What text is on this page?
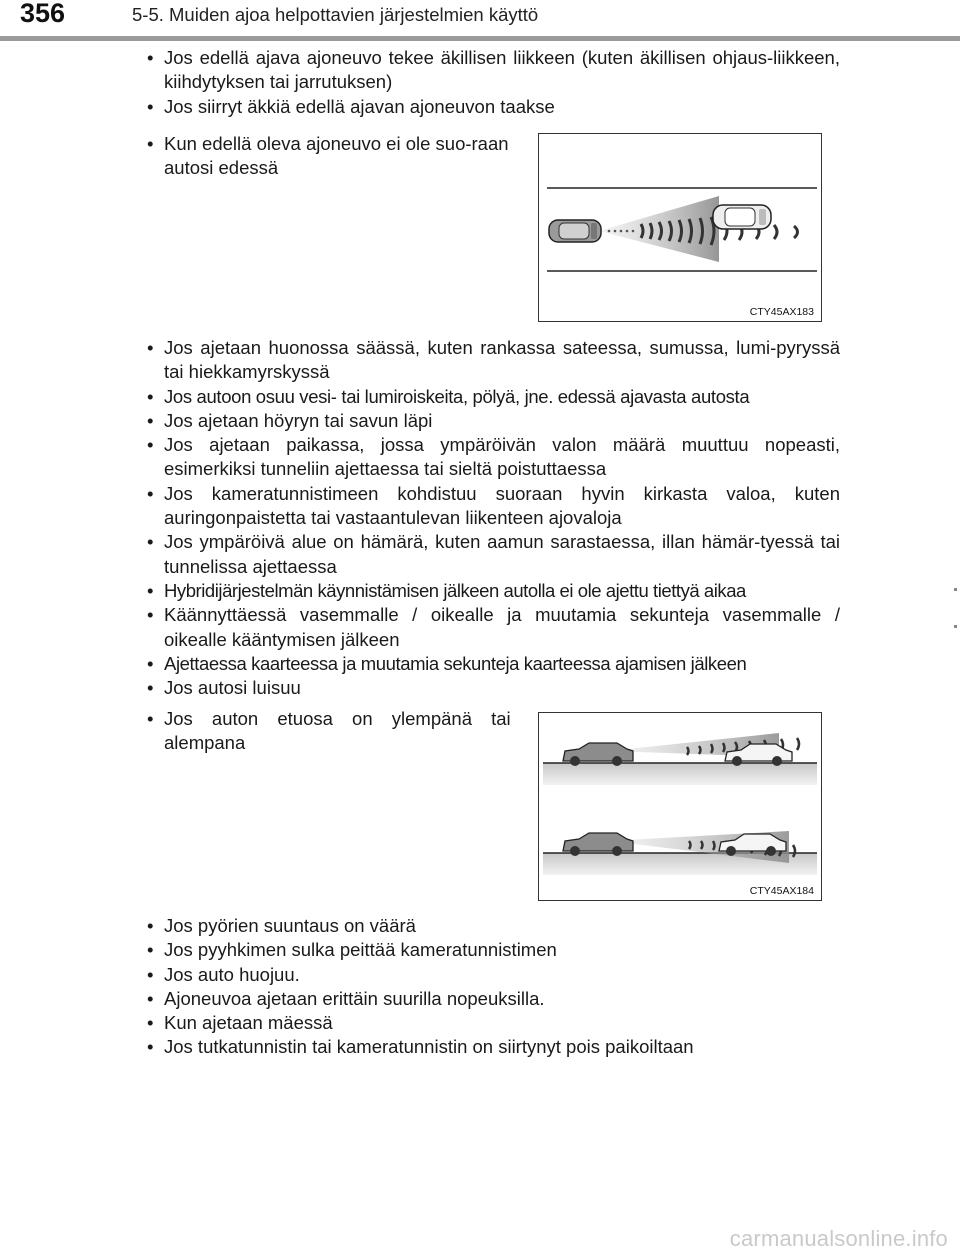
356	5-5. Muiden ajoa helpottavien järjestelmien käyttö
• Jos edellä ajava ajoneuvo tekee äkillisen liikkeen (kuten äkillisen ohjaus-liikkeen, kiihdytyksen tai jarrutuksen)
• Jos siirryt äkkiä edellä ajavan ajoneuvon taakse
• Kun edellä oleva ajoneuvo ei ole suo-raan autosi edessä
CTY45AX183
• Jos ajetaan huonossa säässä, kuten rankassa sateessa, sumussa, lumi-pyryssä tai hiekkamyrskyssä
• Jos autoon osuu vesi- tai lumiroiskeita, pölyä, jne. edessä ajavasta autosta
• Jos ajetaan höyryn tai savun läpi
• Jos ajetaan paikassa, jossa ympäröivän valon määrä muuttuu nopeasti, esimerkiksi tunneliin ajettaessa tai sieltä poistuttaessa
• Jos kameratunnistimeen kohdistuu suoraan hyvin kirkasta valoa, kuten auringonpaistetta tai vastaantulevan liikenteen ajovaloja
• Jos ympäröivä alue on hämärä, kuten aamun sarastaessa, illan hämär-tyessä tai tunnelissa ajettaessa
• Hybridijärjestelmän käynnistämisen jälkeen autolla ei ole ajettu tiettyä aikaa
• Käännyttäessä vasemmalle / oikealle ja muutamia sekunteja vasemmalle / oikealle kääntymisen jälkeen
• Ajettaessa kaarteessa ja muutamia sekunteja kaarteessa ajamisen jälkeen
• Jos autosi luisuu
• Jos auton etuosa on ylempänä tai alempana
CTY45AX184
• Jos pyörien suuntaus on väärä
• Jos pyyhkimen sulka peittää kameratunnistimen
• Jos auto huojuu.
• Ajoneuvoa ajetaan erittäin suurilla nopeuksilla.
• Kun ajetaan mäessä
• Jos tutkatunnistin tai kameratunnistin on siirtynyt pois paikoiltaan
carmanualsonline.info
